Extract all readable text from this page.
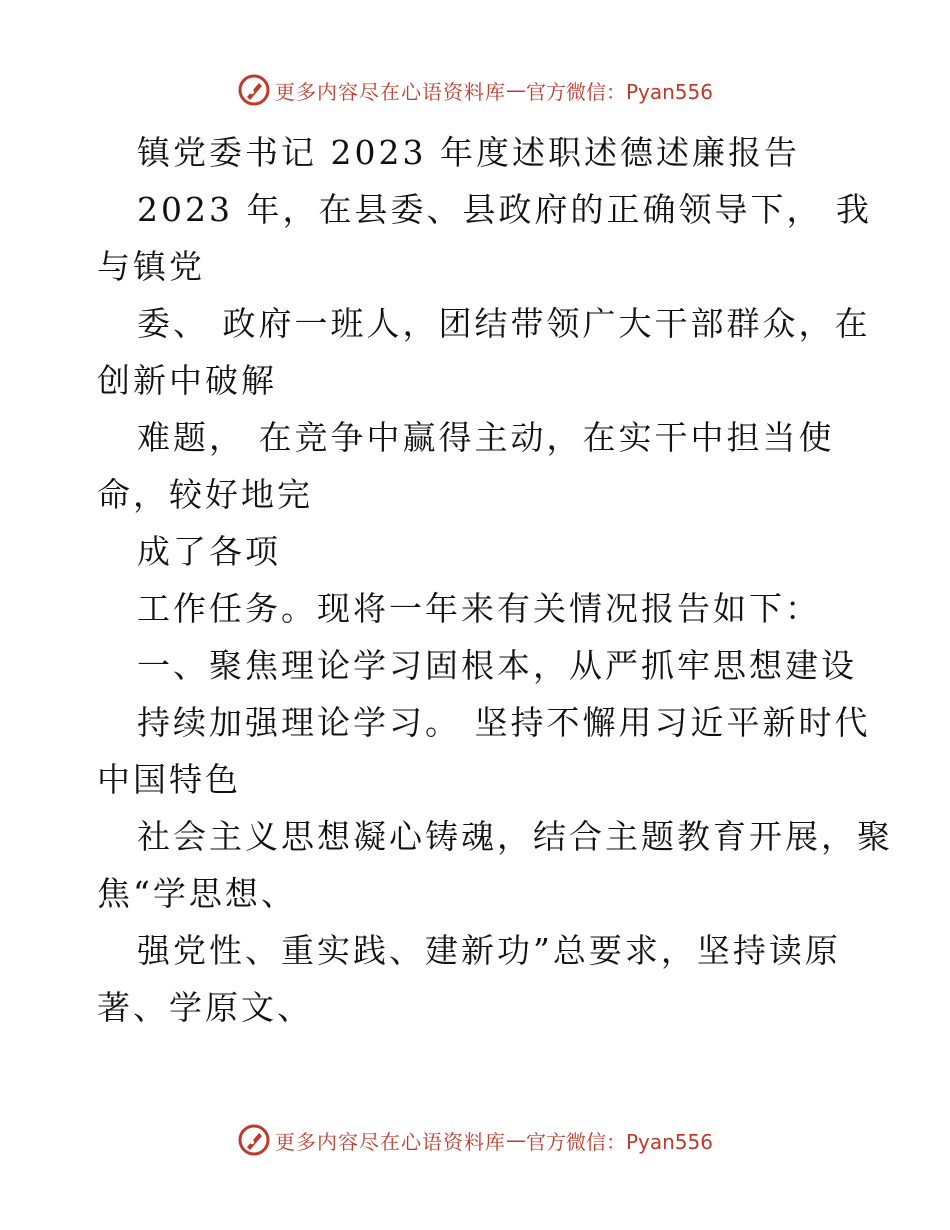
更多内容尽在心语资料库 — 官方微信：Pyan556
镇党委书记 2023 年度述职述德述廉报告
2023 年，在县委、县政府的正确领导下， 我
与镇党
委、 政府一班人，团结带领广大干部群众，在
创新中破解
难题， 在竞争中赢得主动，在实干中担当使
命，较好地完
成了各项
工作任务。现将一年来有关情况报告如下：
一、聚焦理论学习固根本，从严抓牢思想建设
持续加强理论学习。 坚持不懈用习近平新时代
中国特色
社会主义思想凝心铸魂，结合主题教育开展，聚
焦“学思想、
强党性、重实践、建新功”总要求，坚持读原
著、学原文、
更多内容尽在心语资料库 — 官方微信：Pyan556
